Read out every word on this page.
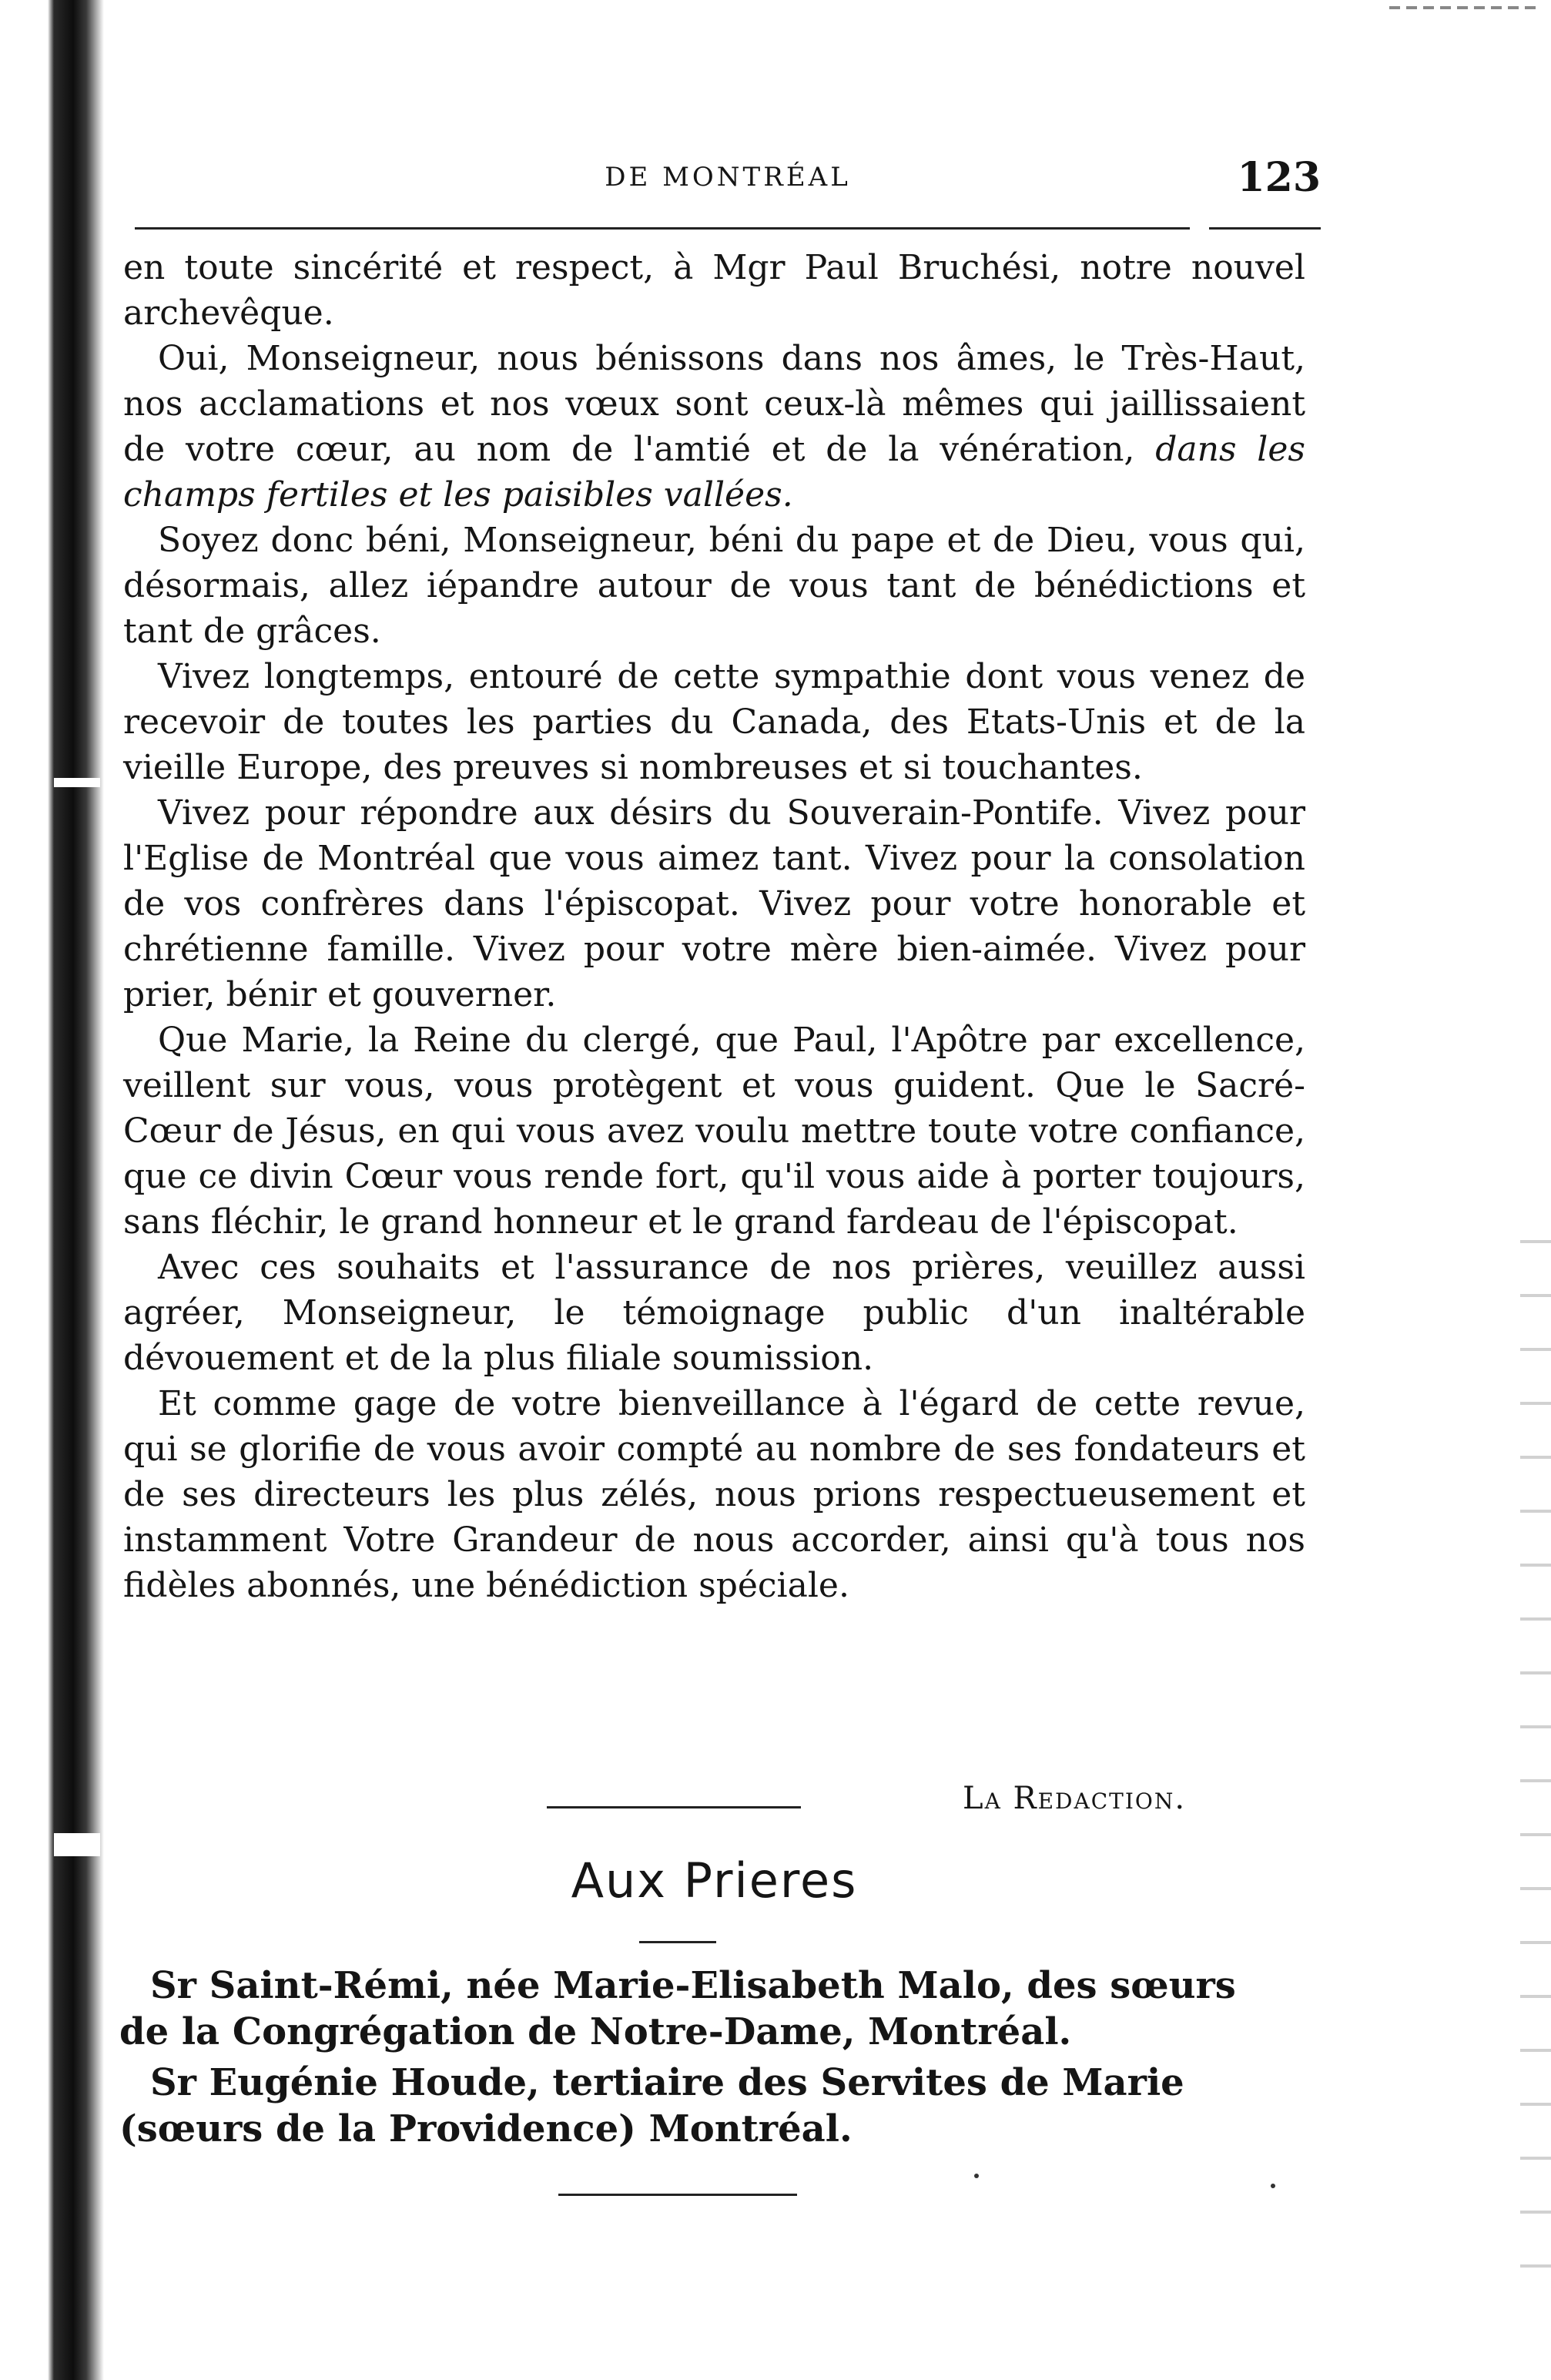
DE MONTRÉAL	123

en toute sincérité et respect, à Mgr Paul Bruchési, notre nouvel archevêque.

Oui, Monseigneur, nous bénissons dans nos âmes, le Très-Haut, nos acclamations et nos vœux sont ceux-là mêmes qui jaillissaient de votre cœur, au nom de l'amtié et de la vénération, dans les champs fertiles et les paisibles vallées.

Soyez donc béni, Monseigneur, béni du pape et de Dieu, vous qui, désormais, allez iépandre autour de vous tant de bénédictions et tant de grâces.

Vivez longtemps, entouré de cette sympathie dont vous venez de recevoir de toutes les parties du Canada, des Etats-Unis et de la vieille Europe, des preuves si nombreuses et si touchantes.

Vivez pour répondre aux désirs du Souverain-Pontife. Vivez pour l'Eglise de Montréal que vous aimez tant. Vivez pour la consolation de vos confrères dans l'épiscopat. Vivez pour votre honorable et chrétienne famille. Vivez pour votre mère bien-aimée. Vivez pour prier, bénir et gouverner.

Que Marie, la Reine du clergé, que Paul, l'Apôtre par excellence, veillent sur vous, vous protègent et vous guident. Que le Sacré-Cœur de Jésus, en qui vous avez voulu mettre toute votre confiance, que ce divin Cœur vous rende fort, qu'il vous aide à porter toujours, sans fléchir, le grand honneur et le grand fardeau de l'épiscopat.

Avec ces souhaits et l'assurance de nos prières, veuillez aussi agréer, Monseigneur, le témoignage public d'un inaltérable dévouement et de la plus filiale soumission.

Et comme gage de votre bienveillance à l'égard de cette revue, qui se glorifie de vous avoir compté au nombre de ses fondateurs et de ses directeurs les plus zélés, nous prions respectueusement et instamment Votre Grandeur de nous accorder, ainsi qu'à tous nos fidèles abonnés, une bénédiction spéciale.

La Redaction.
Aux Prieres

Sr Saint-Rémi, née Marie-Elisabeth Malo, des sœurs de la Congrégation de Notre-Dame, Montréal.

Sr Eugénie Houde, tertiaire des Servites de Marie (sœurs de la Providence) Montréal.
